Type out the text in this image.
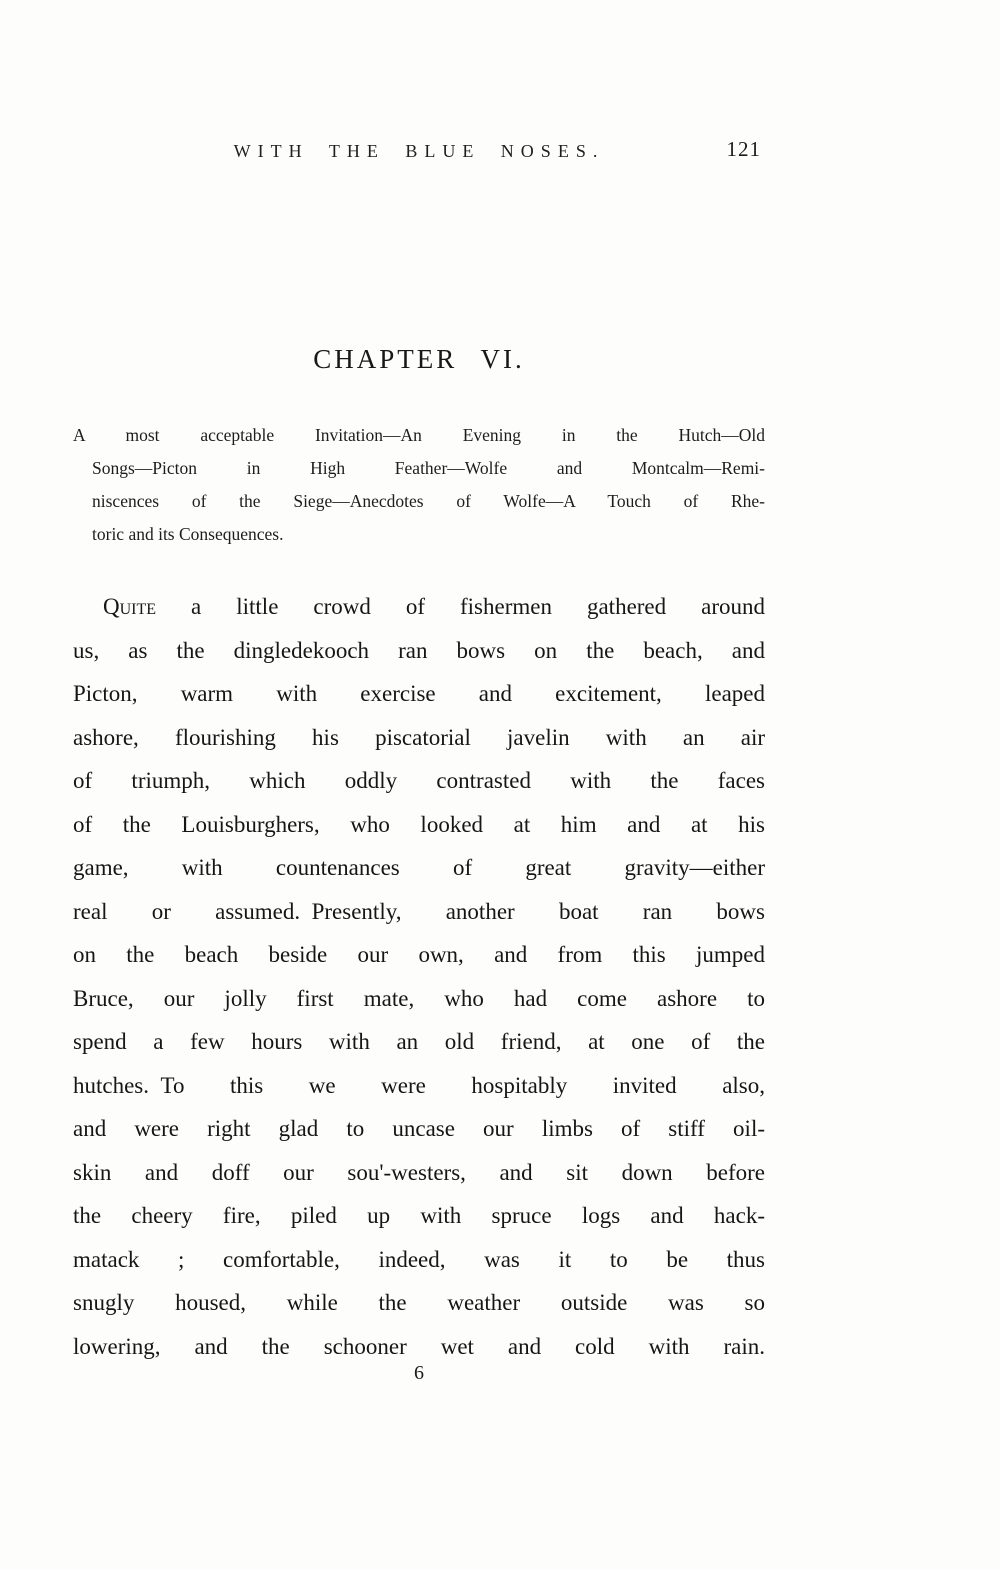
WITH THE BLUE NOSES.	121
CHAPTER VI.
A most acceptable Invitation—An Evening in the Hutch—Old
Songs—Picton in High Feather—Wolfe and Montcalm—Remi-
niscences of the Siege—Anecdotes of Wolfe—A Touch of Rhe-
toric and its Consequences.
Quite a little crowd of fishermen gathered around
us, as the dingledekooch ran bows on the beach, and
Picton, warm with exercise and excitement, leaped
ashore, flourishing his piscatorial javelin with an air
of triumph, which oddly contrasted with the faces
of the Louisburghers, who looked at him and at his
game, with countenances of great gravity—either
real or assumed. Presently, another boat ran bows
on the beach beside our own, and from this jumped
Bruce, our jolly first mate, who had come ashore to
spend a few hours with an old friend, at one of the
hutches. To this we were hospitably invited also,
and were right glad to uncase our limbs of stiff oil-
skin and doff our sou'-westers, and sit down before
the cheery fire, piled up with spruce logs and hack-
matack ; comfortable, indeed, was it to be thus
snugly housed, while the weather outside was so
lowering, and the schooner wet and cold with rain.
6
